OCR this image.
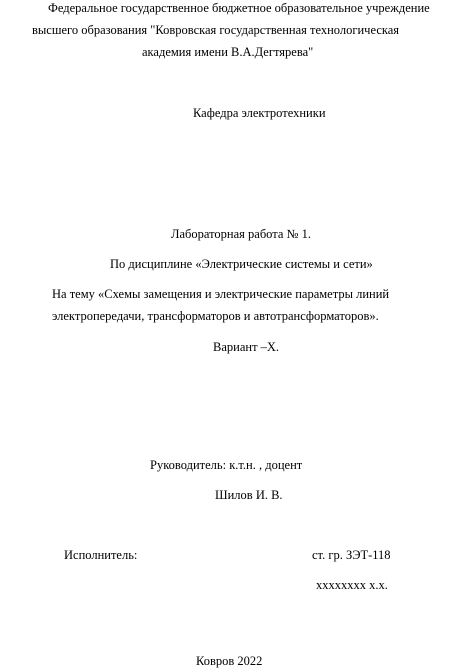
Федеральное государственное бюджетное образовательное учреждение
высшего образования "Ковровская государственная технологическая
академия имени В.А.Дегтярева"
Кафедра электротехники
Лабораторная работа № 1.
По дисциплине «Электрические системы и сети»
На тему «Схемы замещения и электрические параметры линий
электропередачи, трансформаторов и автотрансформаторов».
Вариант –Х.
Руководитель: к.т.н. , доцент
Шилов И. В.
Исполнитель:	ст. гр. ЗЭТ-118
хххххххх х.х.
Ковров 2022
